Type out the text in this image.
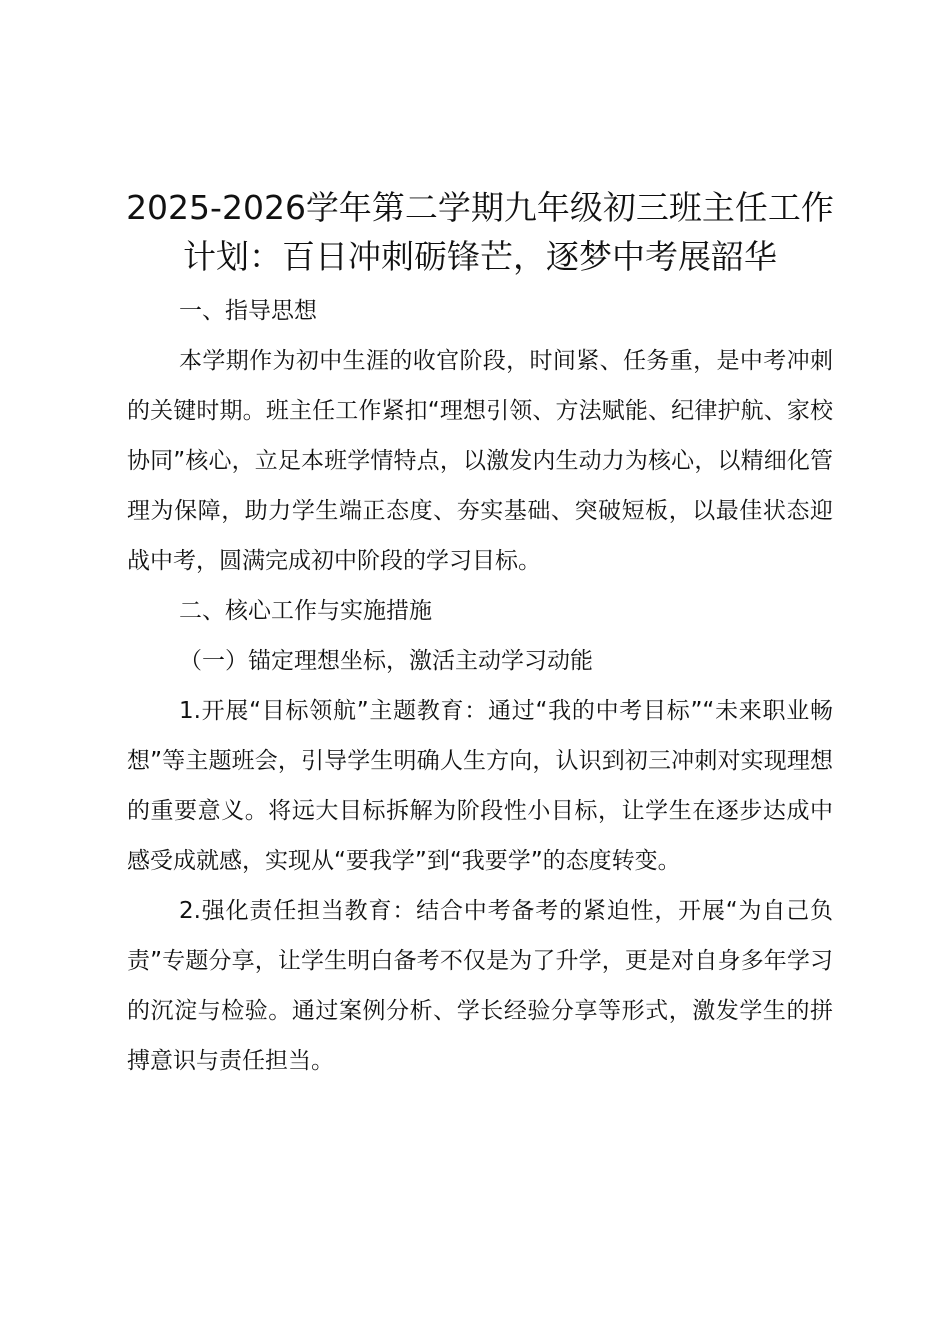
2025-2026学年第二学期九年级初三班主任工作计划：百日冲刺砺锋芒，逐梦中考展韶华

一、指导思想

本学期作为初中生涯的收官阶段，时间紧、任务重，是中考冲刺的关键时期。班主任工作紧扣“理想引领、方法赋能、纪律护航、家校协同”核心，立足本班学情特点，以激发内生动力为核心，以精细化管理为保障，助力学生端正态度、夯实基础、突破短板，以最佳状态迎战中考，圆满完成初中阶段的学习目标。

二、核心工作与实施措施

（一）锚定理想坐标，激活主动学习动能

1.开展“目标领航”主题教育：通过“我的中考目标”“未来职业畅想”等主题班会，引导学生明确人生方向，认识到初三冲刺对实现理想的重要意义。将远大目标拆解为阶段性小目标，让学生在逐步达成中感受成就感，实现从“要我学”到“我要学”的态度转变。

2.强化责任担当教育：结合中考备考的紧迫性，开展“为自己负责”专题分享，让学生明白备考不仅是为了升学，更是对自身多年学习的沉淀与检验。通过案例分析、学长经验分享等形式，激发学生的拼搏意识与责任担当。
